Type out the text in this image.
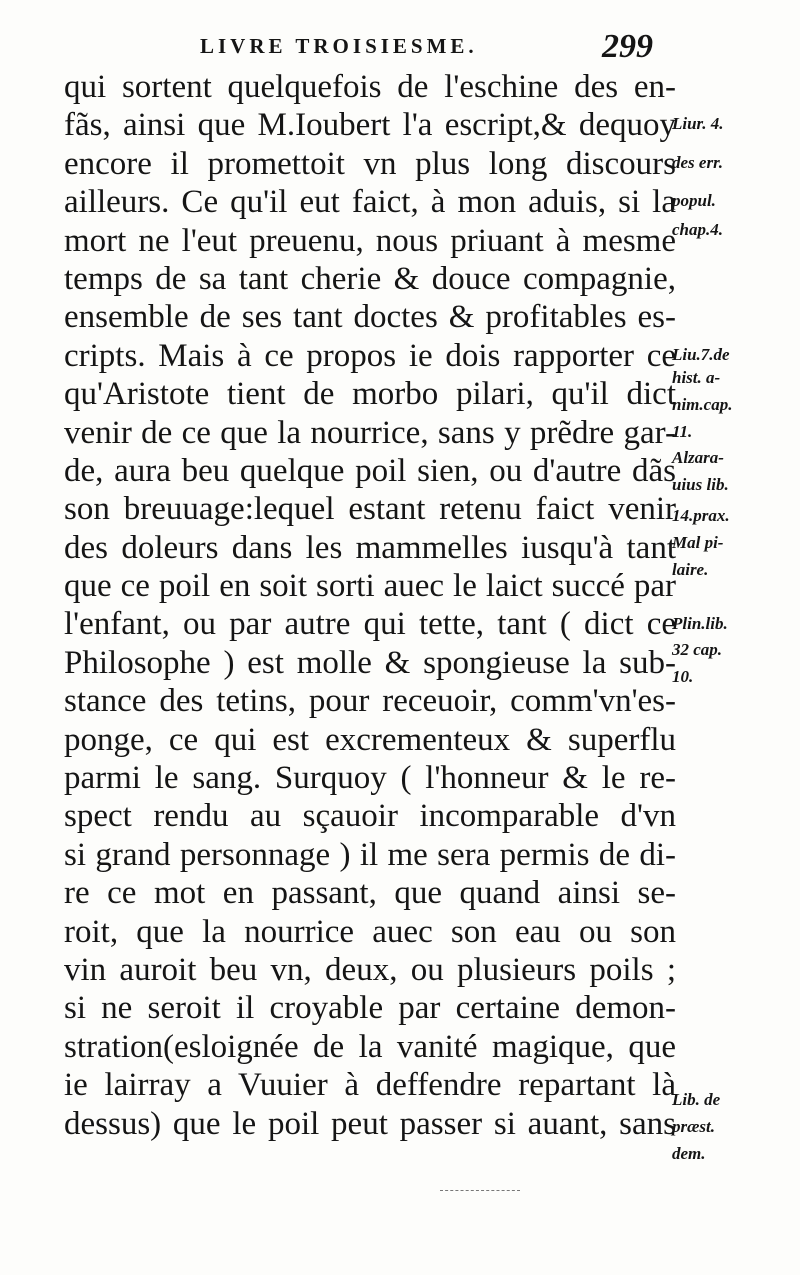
LIVRE TROISIESME.	299
qui sortent quelquefois de l'eschine des en-
fãs, ainsi que M.Ioubert l'a escript,& dequoy
encore il promettoit vn plus long discours
ailleurs. Ce qu'il eut faict, à mon aduis, si la
mort ne l'eut preuenu, nous priuant à mesme
temps de sa tant cherie & douce compagnie,
ensemble de ses tant doctes & profitables es-
cripts. Mais à ce propos ie dois rapporter ce
qu'Aristote tient de morbo pilari, qu'il dict
venir de ce que la nourrice, sans y prẽdre gar-
de, aura beu quelque poil sien, ou d'autre dãs
son breuuage:lequel estant retenu faict venir
des doleurs dans les mammelles iusqu'à tant
que ce poil en soit sorti auec le laict succé par
l'enfant, ou par autre qui tette, tant ( dict ce
Philosophe ) est molle & spongieuse la sub-
stance des tetins, pour receuoir, comm'vn'es-
ponge, ce qui est excrementeux & superflu
parmi le sang. Surquoy ( l'honneur & le re-
spect rendu au sçauoir incomparable d'vn
si grand personnage ) il me sera permis de di-
re ce mot en passant, que quand ainsi se-
roit, que la nourrice auec son eau ou son
vin auroit beu vn, deux, ou plusieurs poils ;
si ne seroit il croyable par certaine demon-
stration(esloignée de la vanité magique, que
ie lairray a Vuuier à deffendre repartant là
dessus) que le poil peut passer si auant, sans
Liur. 4.
des err.
popul.
chap.4.
Liu.7.de
hist. a-
nim.cap.
11.
Alzara-
uius lib.
14.prax.
Mal pi-
laire.
Plin.lib.
32 cap.
10.
Lib. de
præst.
dem.
